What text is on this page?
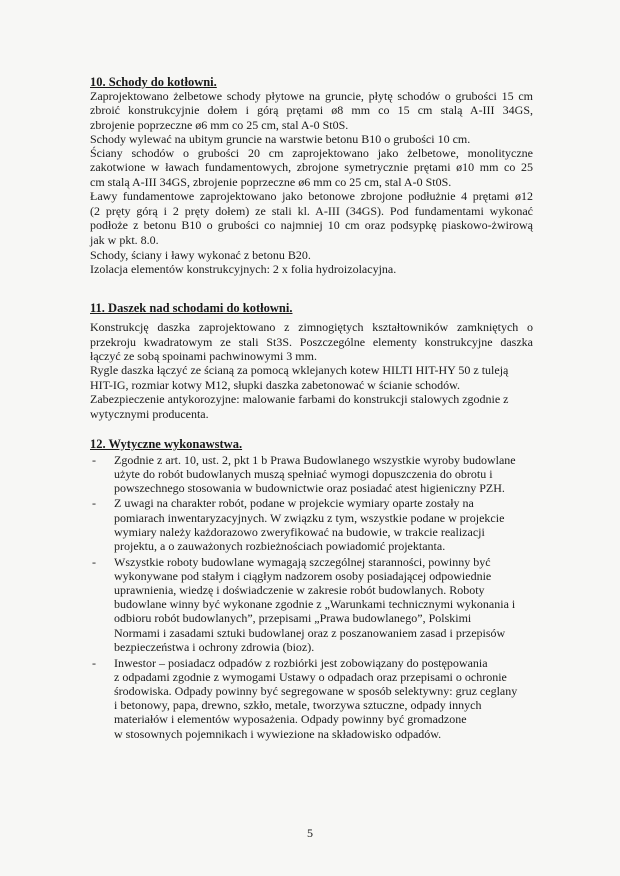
10. Schody do kotłowni.
Zaprojektowano żelbetowe schody płytowe na gruncie, płytę schodów o grubości 15 cm
zbroić konstrukcyjnie dołem i górą prętami ø8 mm co 15 cm stalą A-III 34GS,
zbrojenie poprzeczne ø6 mm co 25 cm, stal A-0 St0S.
Schody wylewać na ubitym gruncie na warstwie betonu B10 o grubości 10 cm.
Ściany schodów o grubości 20 cm zaprojektowano jako żelbetowe, monolityczne
zakotwione w ławach fundamentowych, zbrojone symetrycznie prętami ø10 mm co 25
cm stalą A-III 34GS, zbrojenie poprzeczne ø6 mm co 25 cm, stal A-0 St0S.
Ławy fundamentowe zaprojektowano jako betonowe zbrojone podłużnie 4 prętami ø12
(2 pręty górą i 2 pręty dołem) ze stali kl. A-III (34GS). Pod fundamentami wykonać
podłoże z betonu B10 o grubości co najmniej 10 cm oraz podsypkę piaskowo-żwirową
jak w pkt. 8.0.
Schody, ściany i ławy wykonać z betonu B20.
Izolacja elementów konstrukcyjnych: 2 x folia hydroizolacyjna.
11. Daszek nad schodami do kotłowni.
Konstrukcję daszka zaprojektowano z zimnogiętych kształtowników zamkniętych o
przekroju kwadratowym ze stali St3S. Poszczególne elementy konstrukcyjne daszka
łączyć ze sobą spoinami pachwinowymi 3 mm.
Rygle daszka łączyć ze ścianą za pomocą wklejanych kotew HILTI HIT-HY 50 z tuleją
HIT-IG, rozmiar kotwy M12, słupki daszka zabetonować w ścianie schodów.
Zabezpieczenie antykorozyjne: malowanie farbami do konstrukcji stalowych zgodnie z
wytycznymi producenta.
12. Wytyczne wykonawstwa.
- Zgodnie z art. 10, ust. 2, pkt 1 b Prawa Budowlanego wszystkie wyroby budowlane
użyte do robót budowlanych muszą spełniać wymogi dopuszczenia do obrotu i
powszechnego stosowania w budownictwie oraz posiadać atest higieniczny PZH.
- Z uwagi na charakter robót, podane w projekcie wymiary oparte zostały na
pomiarach inwentaryzacyjnych. W związku z tym, wszystkie podane w projekcie
wymiary należy każdorazowo zweryfikować na budowie, w trakcie realizacji
projektu, a o zauważonych rozbieżnościach powiadomić projektanta.
- Wszystkie roboty budowlane wymagają szczególnej staranności, powinny być
wykonywane pod stałym i ciągłym nadzorem osoby posiadającej odpowiednie
uprawnienia, wiedzę i doświadczenie w zakresie robót budowlanych. Roboty
budowlane winny być wykonane zgodnie z „Warunkami technicznymi wykonania i
odbioru robót budowlanych”, przepisami „Prawa budowlanego”, Polskimi
Normami i zasadami sztuki budowlanej oraz z poszanowaniem zasad i przepisów
bezpieczeństwa i ochrony zdrowia (bioz).
- Inwestor – posiadacz odpadów z rozbiórki jest zobowiązany do postępowania
z odpadami zgodnie z wymogami Ustawy o odpadach oraz przepisami o ochronie
środowiska. Odpady powinny być segregowane w sposób selektywny: gruz ceglany
i betonowy, papa, drewno, szkło, metale, tworzywa sztuczne, odpady innych
materiałów i elementów wyposażenia. Odpady powinny być gromadzone
w stosownych pojemnikach i wywiezione na składowisko odpadów.
5
